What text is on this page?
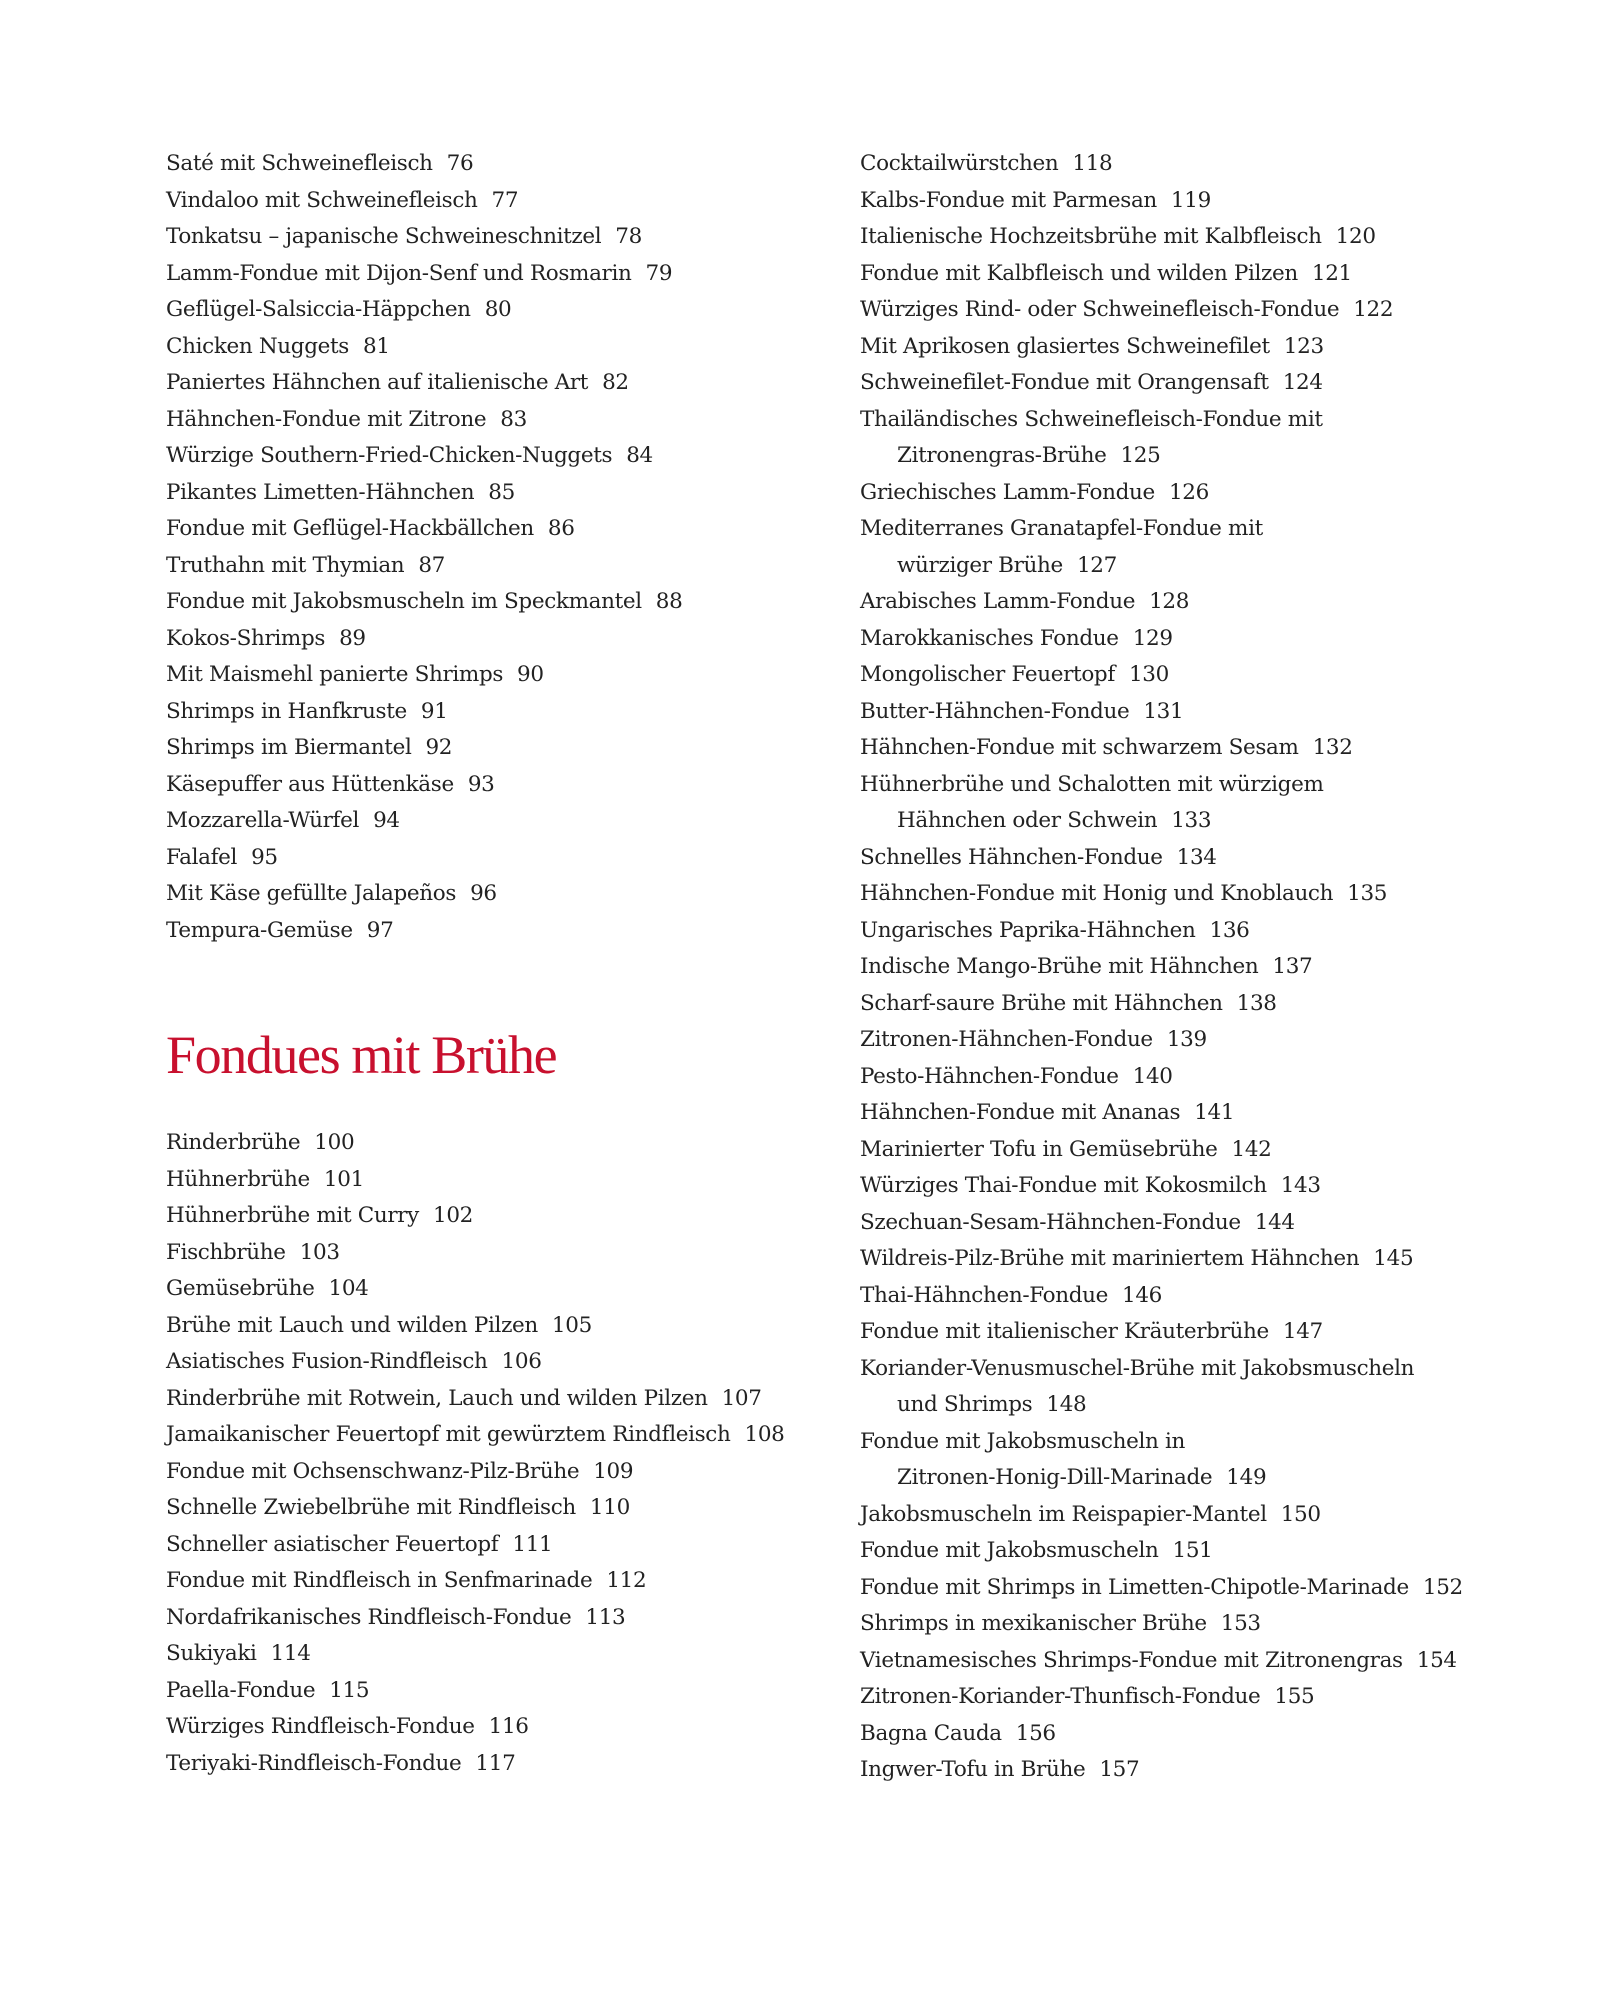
Saté mit Schweinefleisch 76
Vindaloo mit Schweinefleisch 77
Tonkatsu – japanische Schweineschnitzel 78
Lamm-Fondue mit Dijon-Senf und Rosmarin 79
Geflügel-Salsiccia-Häppchen 80
Chicken Nuggets 81
Paniertes Hähnchen auf italienische Art 82
Hähnchen-Fondue mit Zitrone 83
Würzige Southern-Fried-Chicken-Nuggets 84
Pikantes Limetten-Hähnchen 85
Fondue mit Geflügel-Hackbällchen 86
Truthahn mit Thymian 87
Fondue mit Jakobsmuscheln im Speckmantel 88
Kokos-Shrimps 89
Mit Maismehl panierte Shrimps 90
Shrimps in Hanfkruste 91
Shrimps im Biermantel 92
Käsepuffer aus Hüttenkäse 93
Mozzarella-Würfel 94
Falafel 95
Mit Käse gefüllte Jalapeños 96
Tempura-Gemüse 97
Fondues mit Brühe
Rinderbrühe 100
Hühnerbrühe 101
Hühnerbrühe mit Curry 102
Fischbrühe 103
Gemüsebrühe 104
Brühe mit Lauch und wilden Pilzen 105
Asiatisches Fusion-Rindfleisch 106
Rinderbrühe mit Rotwein, Lauch und wilden Pilzen 107
Jamaikanischer Feuertopf mit gewürztem Rindfleisch 108
Fondue mit Ochsenschwanz-Pilz-Brühe 109
Schnelle Zwiebelbrühe mit Rindfleisch 110
Schneller asiatischer Feuertopf 111
Fondue mit Rindfleisch in Senfmarinade 112
Nordafrikanisches Rindfleisch-Fondue 113
Sukiyaki 114
Paella-Fondue 115
Würziges Rindfleisch-Fondue 116
Teriyaki-Rindfleisch-Fondue 117
Cocktailwürstchen 118
Kalbs-Fondue mit Parmesan 119
Italienische Hochzeitsbrühe mit Kalbfleisch 120
Fondue mit Kalbfleisch und wilden Pilzen 121
Würziges Rind- oder Schweinefleisch-Fondue 122
Mit Aprikosen glasiertes Schweinefilet 123
Schweinefilet-Fondue mit Orangensaft 124
Thailändisches Schweinefleisch-Fondue mit
Zitronengras-Brühe 125
Griechisches Lamm-Fondue 126
Mediterranes Granatapfel-Fondue mit
würziger Brühe 127
Arabisches Lamm-Fondue 128
Marokkanisches Fondue 129
Mongolischer Feuertopf 130
Butter-Hähnchen-Fondue 131
Hähnchen-Fondue mit schwarzem Sesam 132
Hühnerbrühe und Schalotten mit würzigem
Hähnchen oder Schwein 133
Schnelles Hähnchen-Fondue 134
Hähnchen-Fondue mit Honig und Knoblauch 135
Ungarisches Paprika-Hähnchen 136
Indische Mango-Brühe mit Hähnchen 137
Scharf-saure Brühe mit Hähnchen 138
Zitronen-Hähnchen-Fondue 139
Pesto-Hähnchen-Fondue 140
Hähnchen-Fondue mit Ananas 141
Marinierter Tofu in Gemüsebrühe 142
Würziges Thai-Fondue mit Kokosmilch 143
Szechuan-Sesam-Hähnchen-Fondue 144
Wildreis-Pilz-Brühe mit mariniertem Hähnchen 145
Thai-Hähnchen-Fondue 146
Fondue mit italienischer Kräuterbrühe 147
Koriander-Venusmuschel-Brühe mit Jakobsmuscheln
und Shrimps 148
Fondue mit Jakobsmuscheln in
Zitronen-Honig-Dill-Marinade 149
Jakobsmuscheln im Reispapier-Mantel 150
Fondue mit Jakobsmuscheln 151
Fondue mit Shrimps in Limetten-Chipotle-Marinade 152
Shrimps in mexikanischer Brühe 153
Vietnamesisches Shrimps-Fondue mit Zitronengras 154
Zitronen-Koriander-Thunfisch-Fondue 155
Bagna Cauda 156
Ingwer-Tofu in Brühe 157
